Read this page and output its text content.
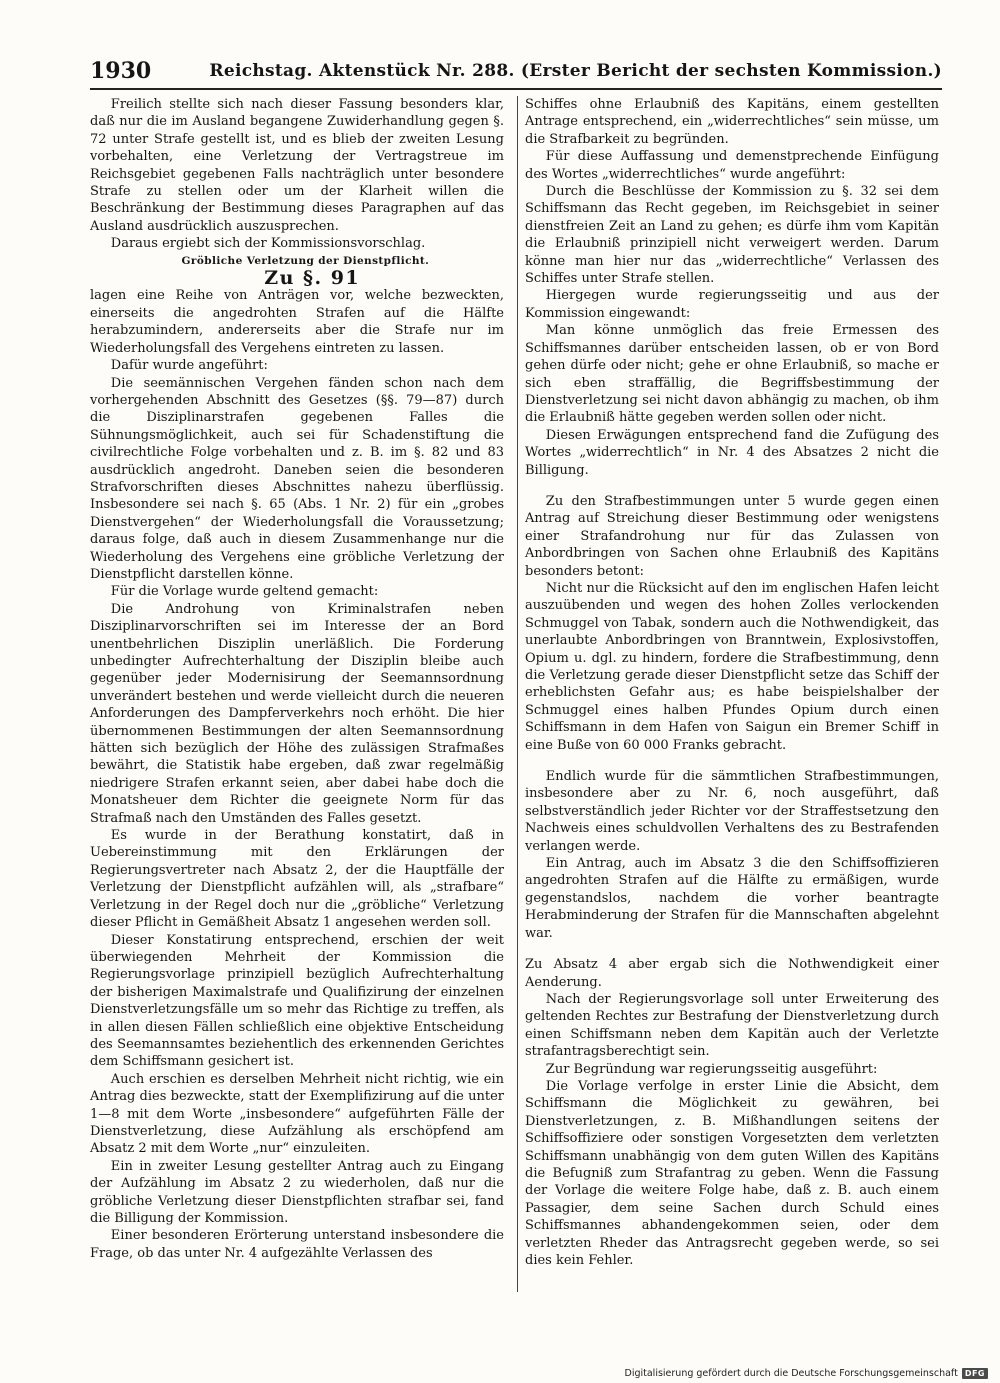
1930	Reichstag. Aktenstück Nr. 288. (Erster Bericht der sechsten Kommission.)

Freilich stellte sich nach dieser Fassung besonders klar, daß nur die im Ausland begangene Zuwiderhandlung gegen §. 72 unter Strafe gestellt ist, und es blieb der zweiten Lesung vorbehalten, eine Verletzung der Vertragstreue im Reichsgebiet gegebenen Falls nachträglich unter besondere Strafe zu stellen oder um der Klarheit willen die Beschränkung der Bestimmung dieses Paragraphen auf das Ausland ausdrücklich auszusprechen.

Daraus ergiebt sich der Kommissionsvorschlag.

Gröbliche Verletzung der Dienstpflicht.

Zu §. 91

lagen eine Reihe von Anträgen vor, welche bezweckten, einerseits die angedrohten Strafen auf die Hälfte herabzumindern, andererseits aber die Strafe nur im Wiederholungsfall des Vergehens eintreten zu lassen.

Dafür wurde angeführt:

Die seemännischen Vergehen fänden schon nach dem vorhergehenden Abschnitt des Gesetzes (§§. 79—87) durch die Disziplinarstrafen gegebenen Falles die Sühnungsmöglichkeit, auch sei für Schadenstiftung die civilrechtliche Folge vorbehalten und z. B. im §. 82 und 83 ausdrücklich angedroht. Daneben seien die besonderen Strafvorschriften dieses Abschnittes nahezu überflüssig. Insbesondere sei nach §. 65 (Abs. 1 Nr. 2) für ein „grobes Dienstvergehen“ der Wiederholungsfall die Voraussetzung; daraus folge, daß auch in diesem Zusammenhange nur die Wiederholung des Vergehens eine gröbliche Verletzung der Dienstpflicht darstellen könne.

Für die Vorlage wurde geltend gemacht:

Die Androhung von Kriminalstrafen neben Disziplinarvorschriften sei im Interesse der an Bord unentbehrlichen Disziplin unerläßlich. Die Forderung unbedingter Aufrechterhaltung der Disziplin bleibe auch gegenüber jeder Modernisirung der Seemannsordnung unverändert bestehen und werde vielleicht durch die neueren Anforderungen des Dampferverkehrs noch erhöht. Die hier übernommenen Bestimmungen der alten Seemannsordnung hätten sich bezüglich der Höhe des zulässigen Strafmaßes bewährt, die Statistik habe ergeben, daß zwar regelmäßig niedrigere Strafen erkannt seien, aber dabei habe doch die Monatsheuer dem Richter die geeignete Norm für das Strafmaß nach den Umständen des Falles gesetzt.

Es wurde in der Berathung konstatirt, daß in Uebereinstimmung mit den Erklärungen der Regierungsvertreter nach Absatz 2, der die Hauptfälle der Verletzung der Dienstpflicht aufzählen will, als „strafbare“ Verletzung in der Regel doch nur die „gröbliche“ Verletzung dieser Pflicht in Gemäßheit Absatz 1 angesehen werden soll.

Dieser Konstatirung entsprechend, erschien der weit überwiegenden Mehrheit der Kommission die Regierungsvorlage prinzipiell bezüglich Aufrechterhaltung der bisherigen Maximalstrafe und Qualifizirung der einzelnen Dienstverletzungsfälle um so mehr das Richtige zu treffen, als in allen diesen Fällen schließlich eine objektive Entscheidung des Seemannsamtes beziehentlich des erkennenden Gerichtes dem Schiffsmann gesichert ist.

Auch erschien es derselben Mehrheit nicht richtig, wie ein Antrag dies bezweckte, statt der Exemplifizirung auf die unter 1—8 mit dem Worte „insbesondere“ aufgeführten Fälle der Dienstverletzung, diese Aufzählung als erschöpfend am Absatz 2 mit dem Worte „nur“ einzuleiten.

Ein in zweiter Lesung gestellter Antrag auch zu Eingang der Aufzählung im Absatz 2 zu wiederholen, daß nur die gröbliche Verletzung dieser Dienstpflichten strafbar sei, fand die Billigung der Kommission.

Einer besonderen Erörterung unterstand insbesondere die Frage, ob das unter Nr. 4 aufgezählte Verlassen des

Schiffes ohne Erlaubniß des Kapitäns, einem gestellten Antrage entsprechend, ein „widerrechtliches“ sein müsse, um die Strafbarkeit zu begründen.

Für diese Auffassung und demenstprechende Einfügung des Wortes „widerrechtliches“ wurde angeführt:

Durch die Beschlüsse der Kommission zu §. 32 sei dem Schiffsmann das Recht gegeben, im Reichsgebiet in seiner dienstfreien Zeit an Land zu gehen; es dürfe ihm vom Kapitän die Erlaubniß prinzipiell nicht verweigert werden. Darum könne man hier nur das „widerrechtliche“ Verlassen des Schiffes unter Strafe stellen.

Hiergegen wurde regierungsseitig und aus der Kommission eingewandt:

Man könne unmöglich das freie Ermessen des Schiffsmannes darüber entscheiden lassen, ob er von Bord gehen dürfe oder nicht; gehe er ohne Erlaubniß, so mache er sich eben straffällig, die Begriffsbestimmung der Dienstverletzung sei nicht davon abhängig zu machen, ob ihm die Erlaubniß hätte gegeben werden sollen oder nicht.

Diesen Erwägungen entsprechend fand die Zufügung des Wortes „widerrechtlich“ in Nr. 4 des Absatzes 2 nicht die Billigung.

Zu den Strafbestimmungen unter 5 wurde gegen einen Antrag auf Streichung dieser Bestimmung oder wenigstens einer Strafandrohung nur für das Zulassen von Anbordbringen von Sachen ohne Erlaubniß des Kapitäns besonders betont:

Nicht nur die Rücksicht auf den im englischen Hafen leicht auszuübenden und wegen des hohen Zolles verlockenden Schmuggel von Tabak, sondern auch die Nothwendigkeit, das unerlaubte Anbordbringen von Branntwein, Explosivstoffen, Opium u. dgl. zu hindern, fordere die Strafbestimmung, denn die Verletzung gerade dieser Dienstpflicht setze das Schiff der erheblichsten Gefahr aus; es habe beispielshalber der Schmuggel eines halben Pfundes Opium durch einen Schiffsmann in dem Hafen von Saigun ein Bremer Schiff in eine Buße von 60 000 Franks gebracht.

Endlich wurde für die sämmtlichen Strafbestimmungen, insbesondere aber zu Nr. 6, noch ausgeführt, daß selbstverständlich jeder Richter vor der Straffestsetzung den Nachweis eines schuldvollen Verhaltens des zu Bestrafenden verlangen werde.

Ein Antrag, auch im Absatz 3 die den Schiffsoffizieren angedrohten Strafen auf die Hälfte zu ermäßigen, wurde gegenstandslos, nachdem die vorher beantragte Herabminderung der Strafen für die Mannschaften abgelehnt war.

Zu Absatz 4 aber ergab sich die Nothwendigkeit einer Aenderung.

Nach der Regierungsvorlage soll unter Erweiterung des geltenden Rechtes zur Bestrafung der Dienstverletzung durch einen Schiffsmann neben dem Kapitän auch der Verletzte strafantragsberechtigt sein.

Zur Begründung war regierungsseitig ausgeführt:

Die Vorlage verfolge in erster Linie die Absicht, dem Schiffsmann die Möglichkeit zu gewähren, bei Dienstverletzungen, z. B. Mißhandlungen seitens der Schiffsoffiziere oder sonstigen Vorgesetzten dem verletzten Schiffsmann unabhängig von dem guten Willen des Kapitäns die Befugniß zum Strafantrag zu geben. Wenn die Fassung der Vorlage die weitere Folge habe, daß z. B. auch einem Passagier, dem seine Sachen durch Schuld eines Schiffsmannes abhandengekommen seien, oder dem verletzten Rheder das Antragsrecht gegeben werde, so sei dies kein Fehler.

Digitalisierung gefördert durch die Deutsche Forschungsgemeinschaft DFG
